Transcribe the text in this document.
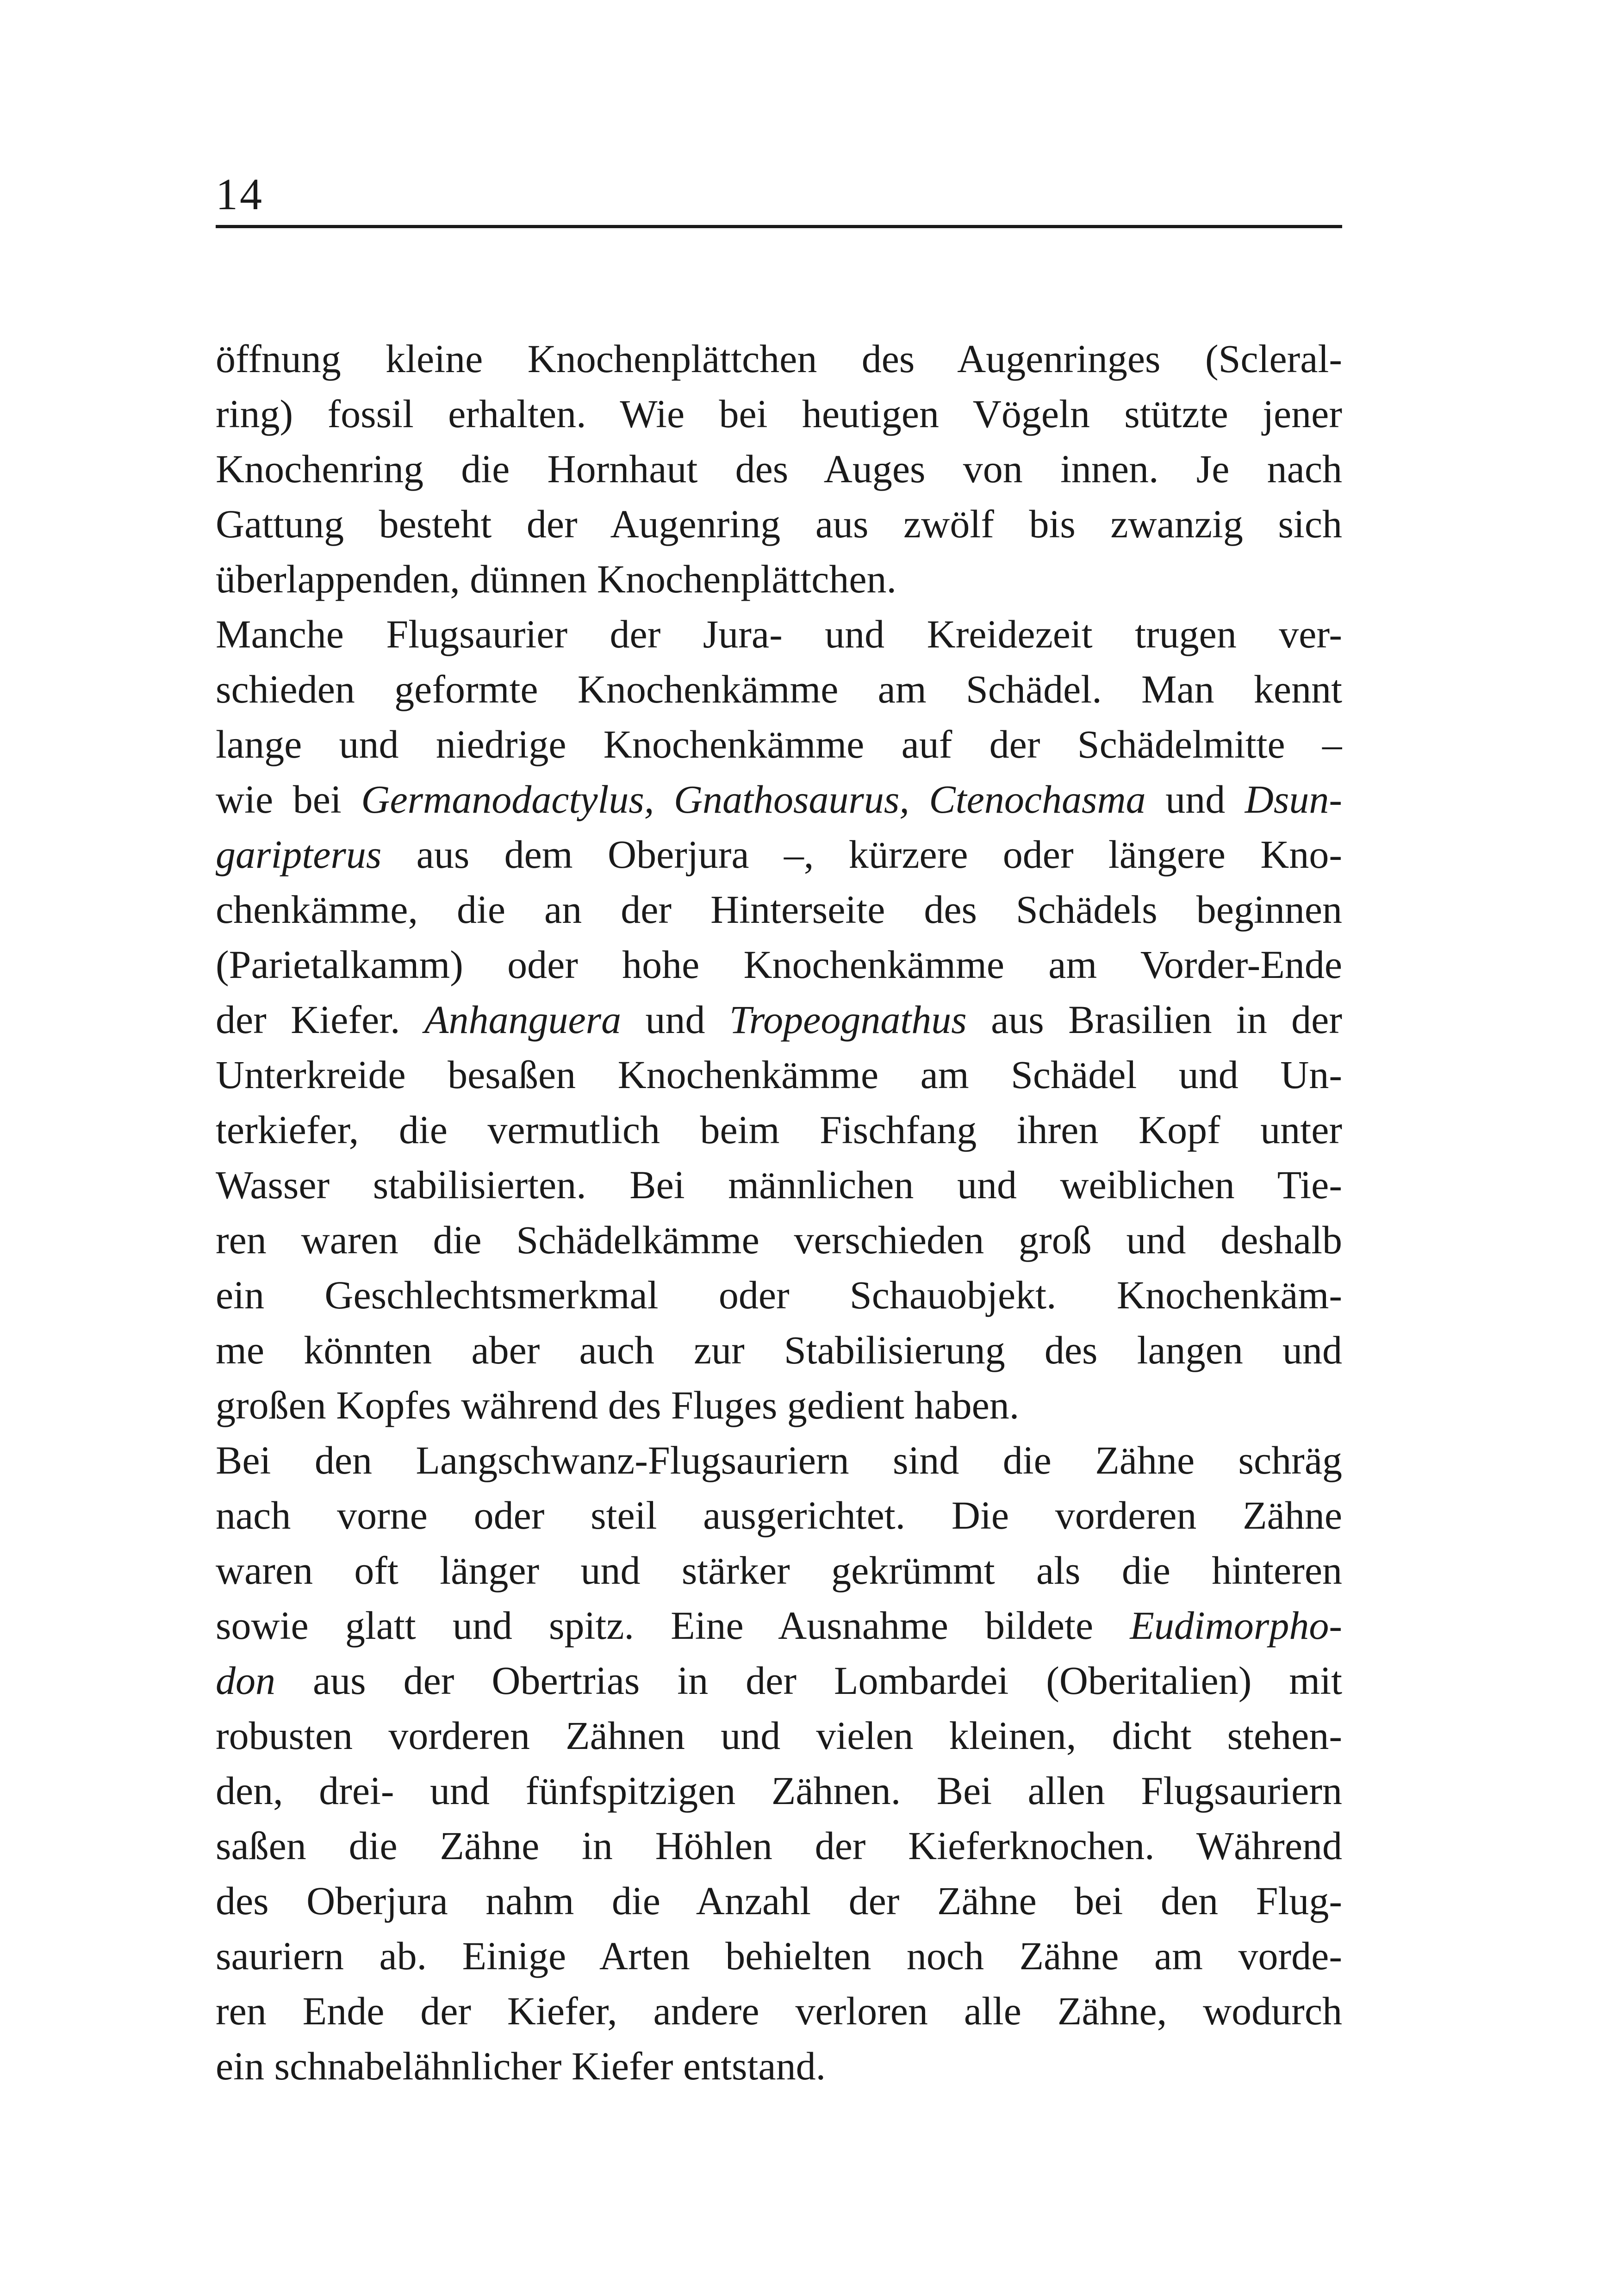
14
öffnung kleine Knochenplättchen des Augenringes (Scleral-
ring) fossil erhalten. Wie bei heutigen Vögeln stützte jener
Knochenring die Hornhaut des Auges von innen. Je nach
Gattung besteht der Augenring aus zwölf bis zwanzig sich
überlappenden, dünnen Knochenplättchen.
Manche Flugsaurier der Jura- und Kreidezeit trugen ver-
schieden geformte Knochenkämme am Schädel. Man kennt
lange und niedrige Knochenkämme auf der Schädelmitte –
wie bei Germanodactylus, Gnathosaurus, Ctenochasma und Dsun-
garipterus aus dem Oberjura –, kürzere oder längere Kno-
chenkämme, die an der Hinterseite des Schädels beginnen
(Parietalkamm) oder hohe Knochenkämme am Vorder-Ende
der Kiefer. Anhanguera und Tropeognathus aus Brasilien in der
Unterkreide besaßen Knochenkämme am Schädel und Un-
terkiefer, die vermutlich beim Fischfang ihren Kopf unter
Wasser stabilisierten. Bei männlichen und weiblichen Tie-
ren waren die Schädelkämme verschieden groß und deshalb
ein Geschlechtsmerkmal oder Schauobjekt. Knochenkäm-
me könnten aber auch zur Stabilisierung des langen und
großen Kopfes während des Fluges gedient haben.
Bei den Langschwanz-Flugsauriern sind die Zähne schräg
nach vorne oder steil ausgerichtet. Die vorderen Zähne
waren oft länger und stärker gekrümmt als die hinteren
sowie glatt und spitz. Eine Ausnahme bildete Eudimorpho-
don aus der Obertrias in der Lombardei (Oberitalien) mit
robusten vorderen Zähnen und vielen kleinen, dicht stehen-
den, drei- und fünfspitzigen Zähnen. Bei allen Flugsauriern
saßen die Zähne in Höhlen der Kieferknochen. Während
des Oberjura nahm die Anzahl der Zähne bei den Flug-
sauriern ab. Einige Arten behielten noch Zähne am vorde-
ren Ende der Kiefer, andere verloren alle Zähne, wodurch
ein schnabelähnlicher Kiefer entstand.
